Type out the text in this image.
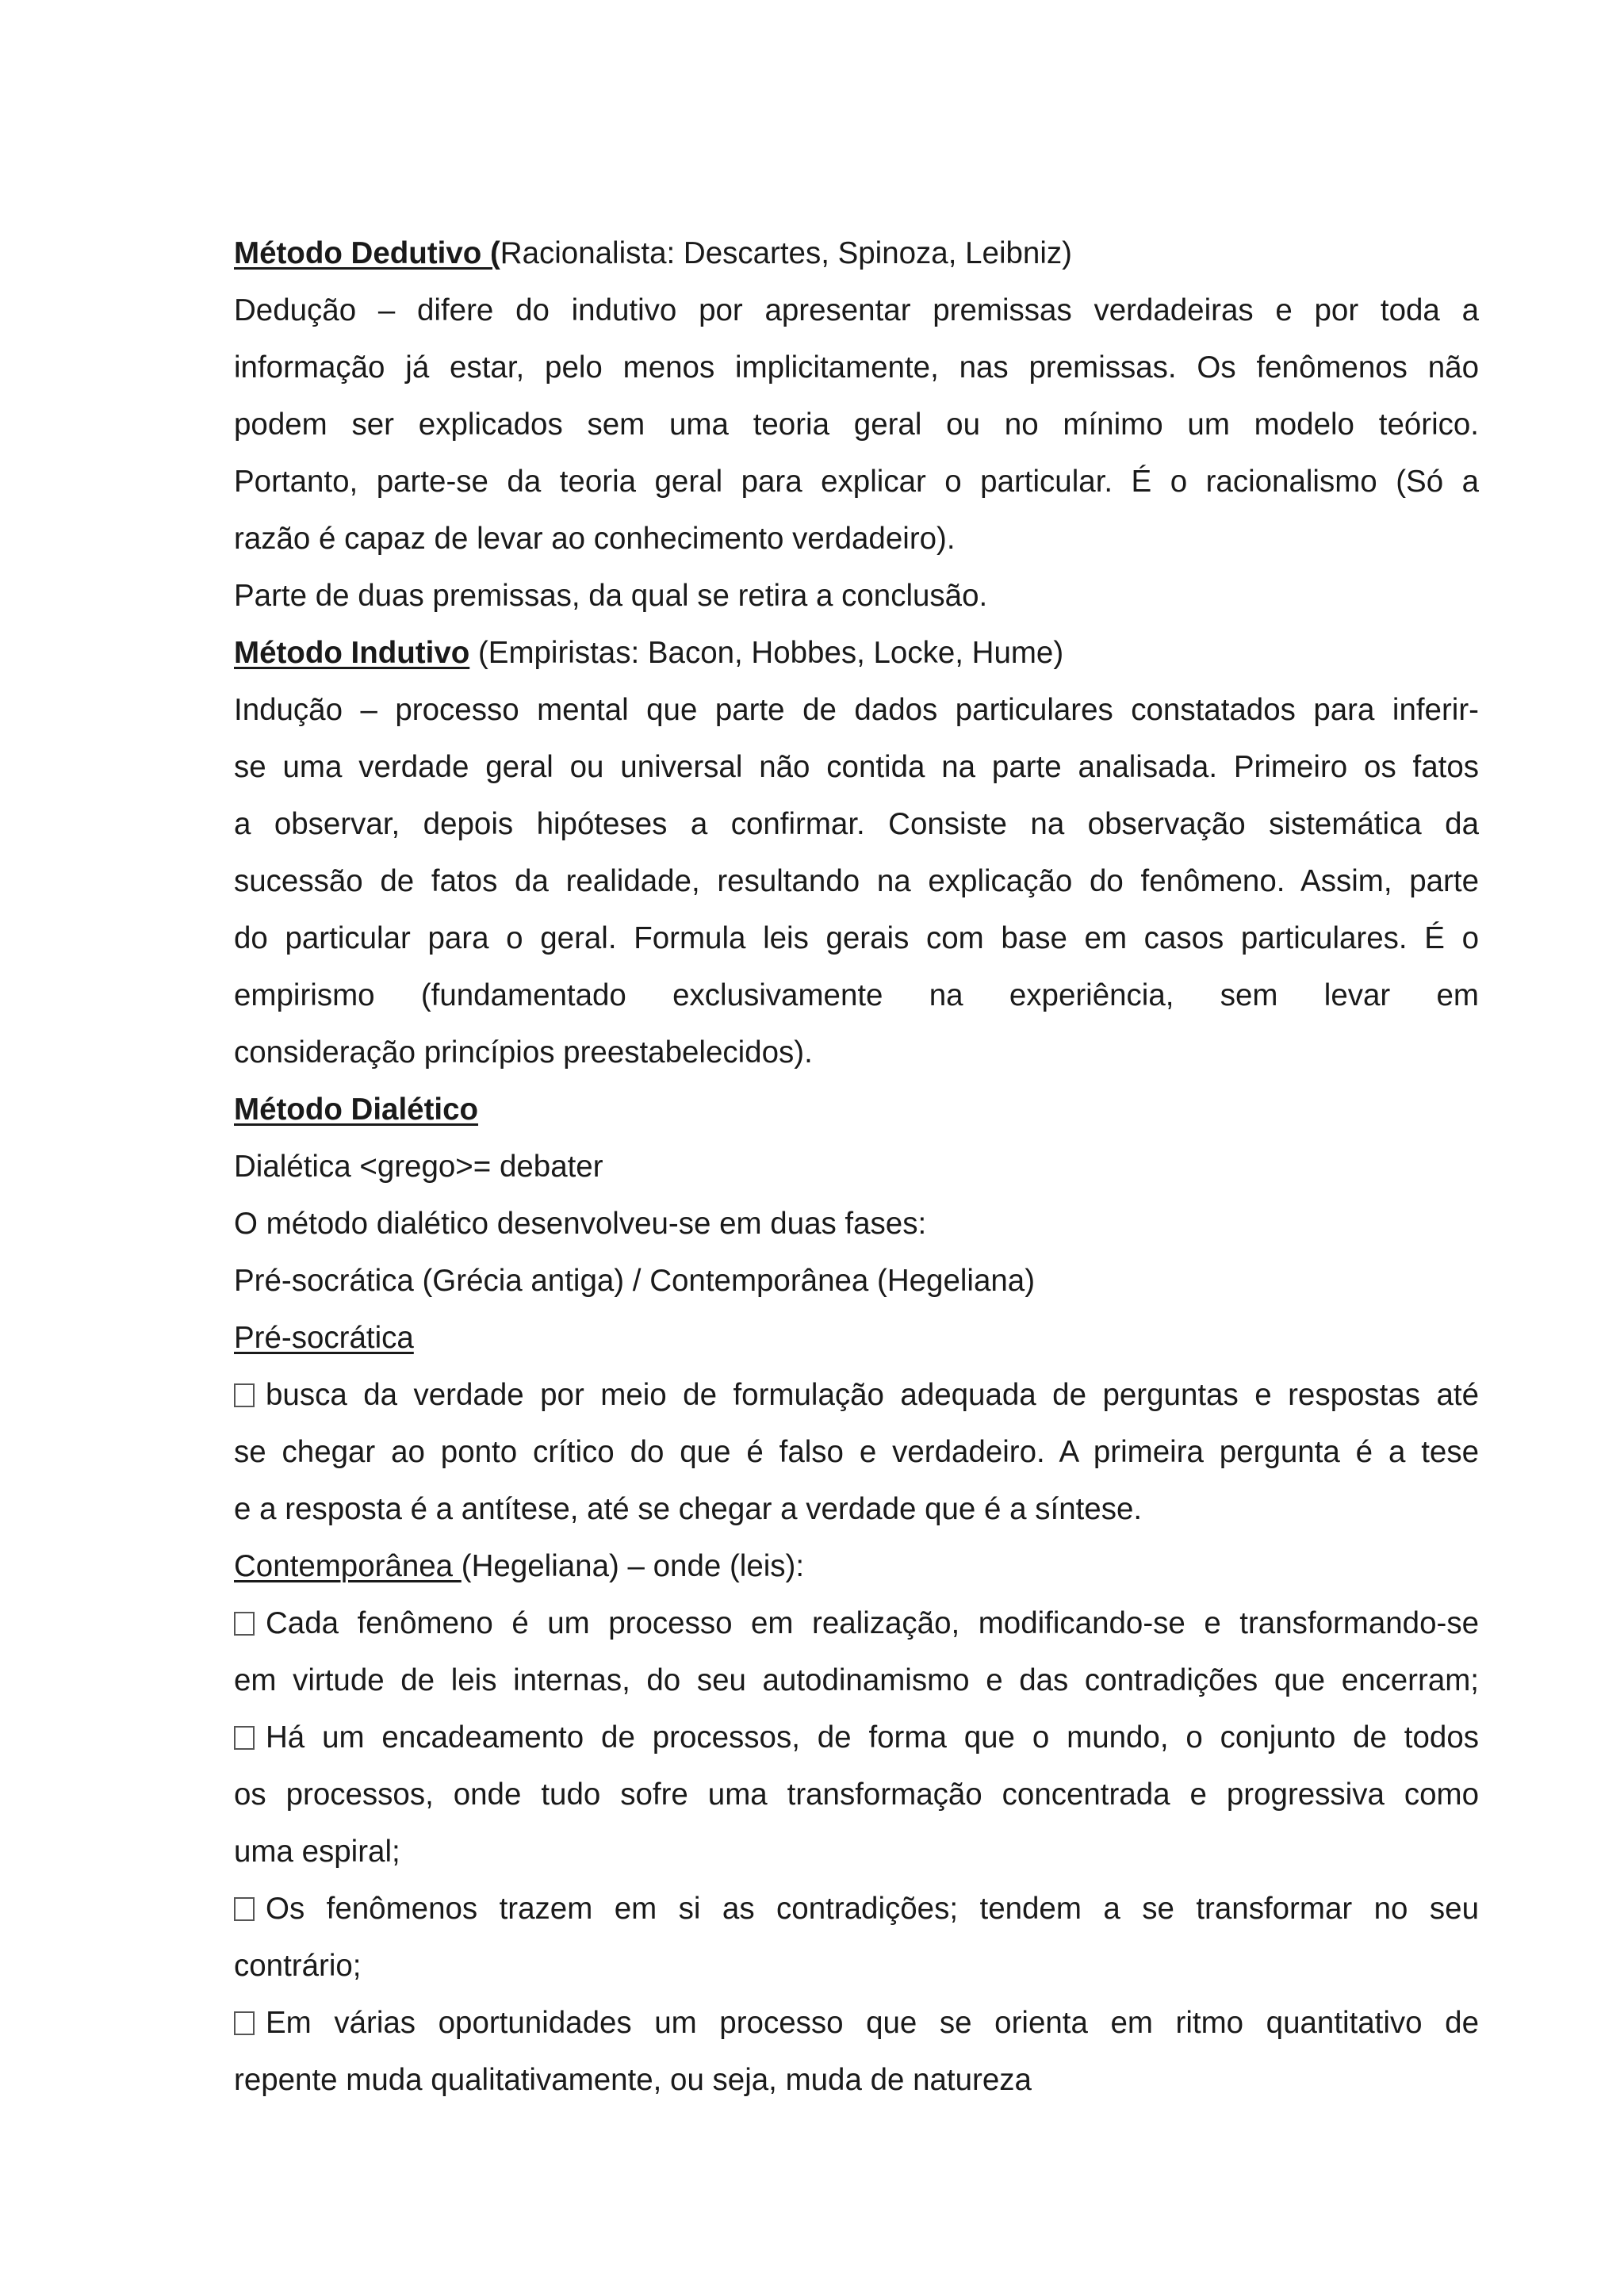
Método Dedutivo (Racionalista: Descartes, Spinoza, Leibniz)

Dedução – difere do indutivo por apresentar premissas verdadeiras e por toda a

informação já estar, pelo menos implicitamente, nas premissas. Os fenômenos não

podem ser explicados sem uma teoria geral ou no mínimo um modelo teórico.

Portanto, parte-se da teoria geral para explicar o particular. É o racionalismo (Só a

razão é capaz de levar ao conhecimento verdadeiro).

Parte de duas premissas, da qual se retira a conclusão.

Método Indutivo (Empiristas: Bacon, Hobbes, Locke, Hume)

Indução – processo mental que parte de dados particulares constatados para inferir-

se uma verdade geral ou universal não contida na parte analisada. Primeiro os fatos

a observar, depois hipóteses a confirmar. Consiste na observação sistemática da

sucessão de fatos da realidade, resultando na explicação do fenômeno. Assim, parte

do particular para o geral. Formula leis gerais com base em casos particulares. É o

empirismo (fundamentado exclusivamente na experiência, sem levar em

consideração princípios preestabelecidos).

Método Dialético

Dialética <grego>= debater

O método dialético desenvolveu-se em duas fases:

Pré-socrática (Grécia antiga) / Contemporânea (Hegeliana)

Pré-socrática

busca da verdade por meio de formulação adequada de perguntas e respostas até

se chegar ao ponto crítico do que é falso e verdadeiro. A primeira pergunta é a tese

e a resposta é a antítese, até se chegar a verdade que é a síntese.

Contemporânea (Hegeliana) – onde (leis):

Cada fenômeno é um processo em realização, modificando-se e transformando-se

em virtude de leis internas, do seu autodinamismo e das contradições que encerram;

Há um encadeamento de processos, de forma que o mundo, o conjunto de todos

os processos, onde tudo sofre uma transformação concentrada e progressiva como

uma espiral;

Os fenômenos trazem em si as contradições; tendem a se transformar no seu

contrário;

Em várias oportunidades um processo que se orienta em ritmo quantitativo de

repente muda qualitativamente, ou seja, muda de natureza
